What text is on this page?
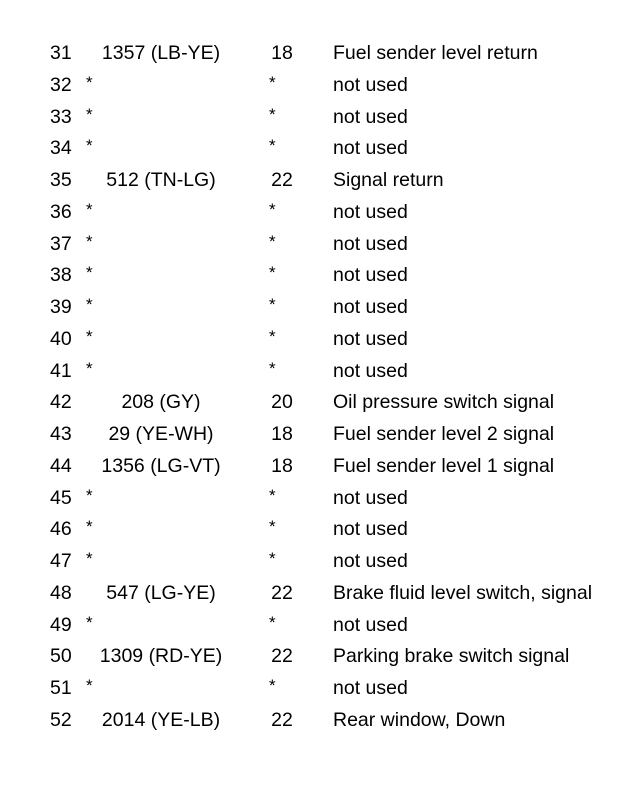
31	1357 (LB-YE)	18	Fuel sender level return
32 *	*	not used
33 *	*	not used
34 *	*	not used
35	512 (TN-LG)	22	Signal return
36 *	*	not used
37 *	*	not used
38 *	*	not used
39 *	*	not used
40 *	*	not used
41 *	*	not used
42	208 (GY)	20	Oil pressure switch signal
43	29 (YE-WH)	18	Fuel sender level 2 signal
44	1356 (LG-VT)	18	Fuel sender level 1 signal
45 *	*	not used
46 *	*	not used
47 *	*	not used
48	547 (LG-YE)	22	Brake fluid level switch, signal
49 *	*	not used
50	1309 (RD-YE)	22	Parking brake switch signal
51 *	*	not used
52	2014 (YE-LB)	22	Rear window, Down
